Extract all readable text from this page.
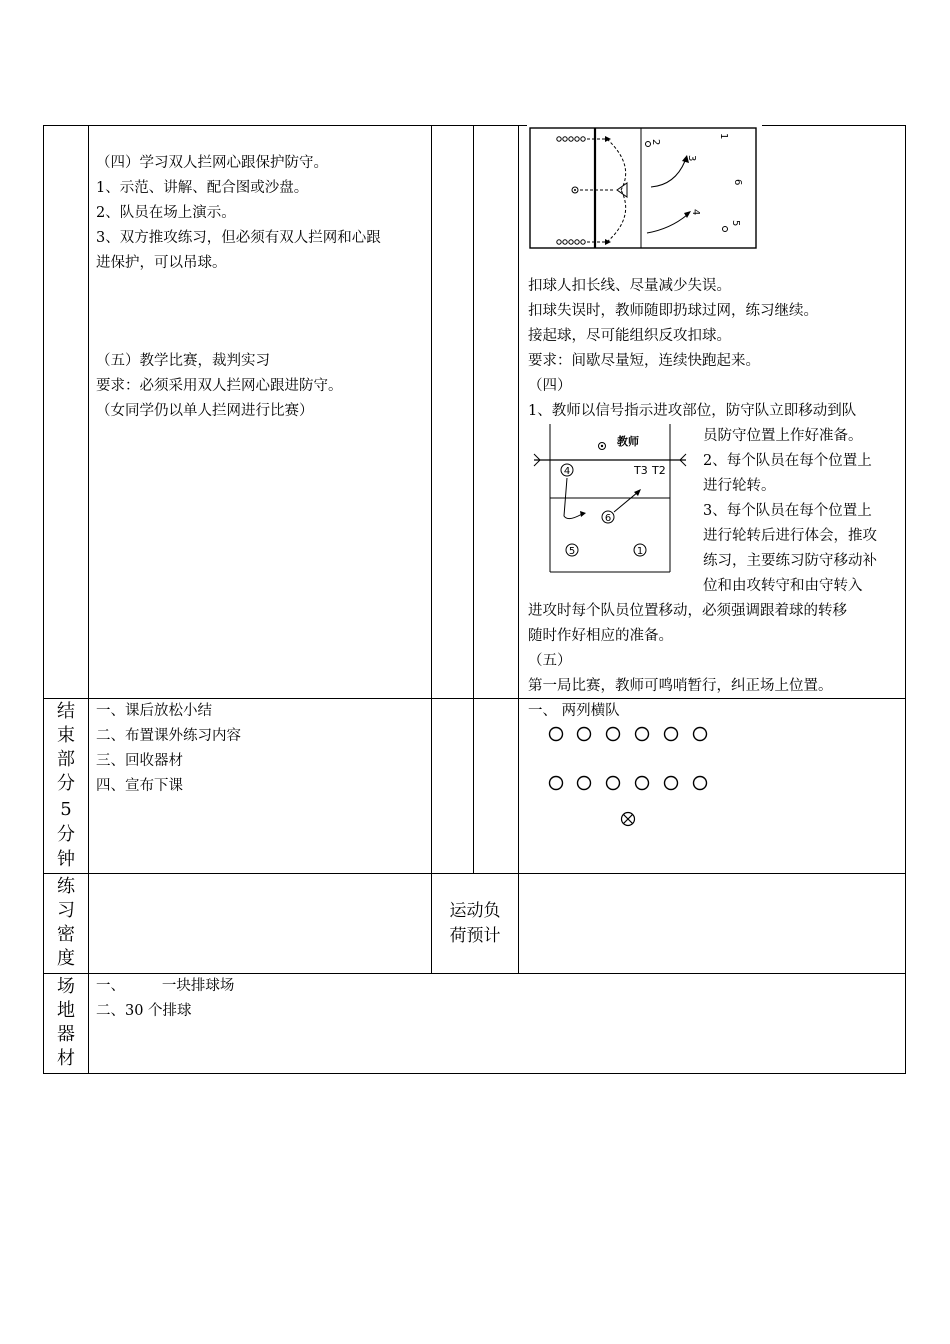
（四）学习双人拦网心跟保护防守。
1、示范、讲解、配合图或沙盘。
2、队员在场上演示。
3、双方推攻练习，但必须有双人拦网和心跟
进保护，可以吊球。
（五）教学比赛，裁判实习
要求：必须采用双人拦网心跟进防守。
（女同学仍以单人拦网进行比赛）
2
1
3
6
4
5
扣球人扣长线、尽量减少失误。
扣球失误时，教师随即扔球过网，练习继续。
接起球，尽可能组织反攻扣球。
要求：间歇尽量短，连续快跑起来。
（四）
1、教师以信号指示进攻部位，防守队立即移动到队
员防守位置上作好准备。
2、每个队员在每个位置上
进行轮转。
3、每个队员在每个位置上
进行轮转后进行体会，推攻
练习，主要练习防守移动补
位和由攻转守和由守转入
进攻时每个队员位置移动，必须强调跟着球的转移
随时作好相应的准备。
（五）
第一局比赛，教师可鸣哨暂行，纠正场上位置。
教师
T3 T2
4
6
5	1
结
束
部
分
5
分
钟
一、课后放松小结
二、布置课外练习内容
三、回收器材
四、宣布下课
一、 两列横队
练
习
密
度
运动负
荷预计
场
地
器
材
一、        一块排球场
二、30 个排球
